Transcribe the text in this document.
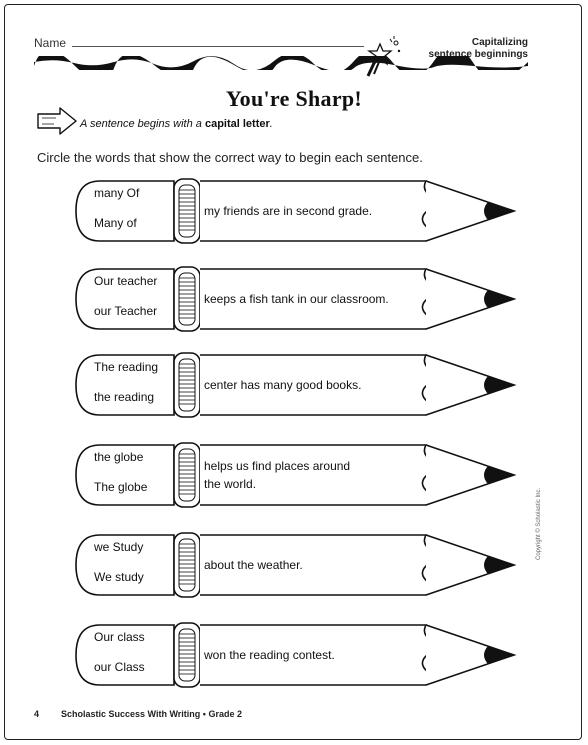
Name	Capitalizing
sentence beginnings
You're Sharp!
A sentence begins with a capital letter.
Circle the words that show the correct way to begin each sentence.
many Of
Many of
my friends are in second grade.
Our teacher
our Teacher
keeps a fish tank in our classroom.
The reading
the reading
center has many good books.
the globe
The globe
helps us find places around the world.
we Study
We study
about the weather.
Our class
our Class
won the reading contest.
4 Scholastic Success With Writing • Grade 2
Copyright © Scholastic Inc.
